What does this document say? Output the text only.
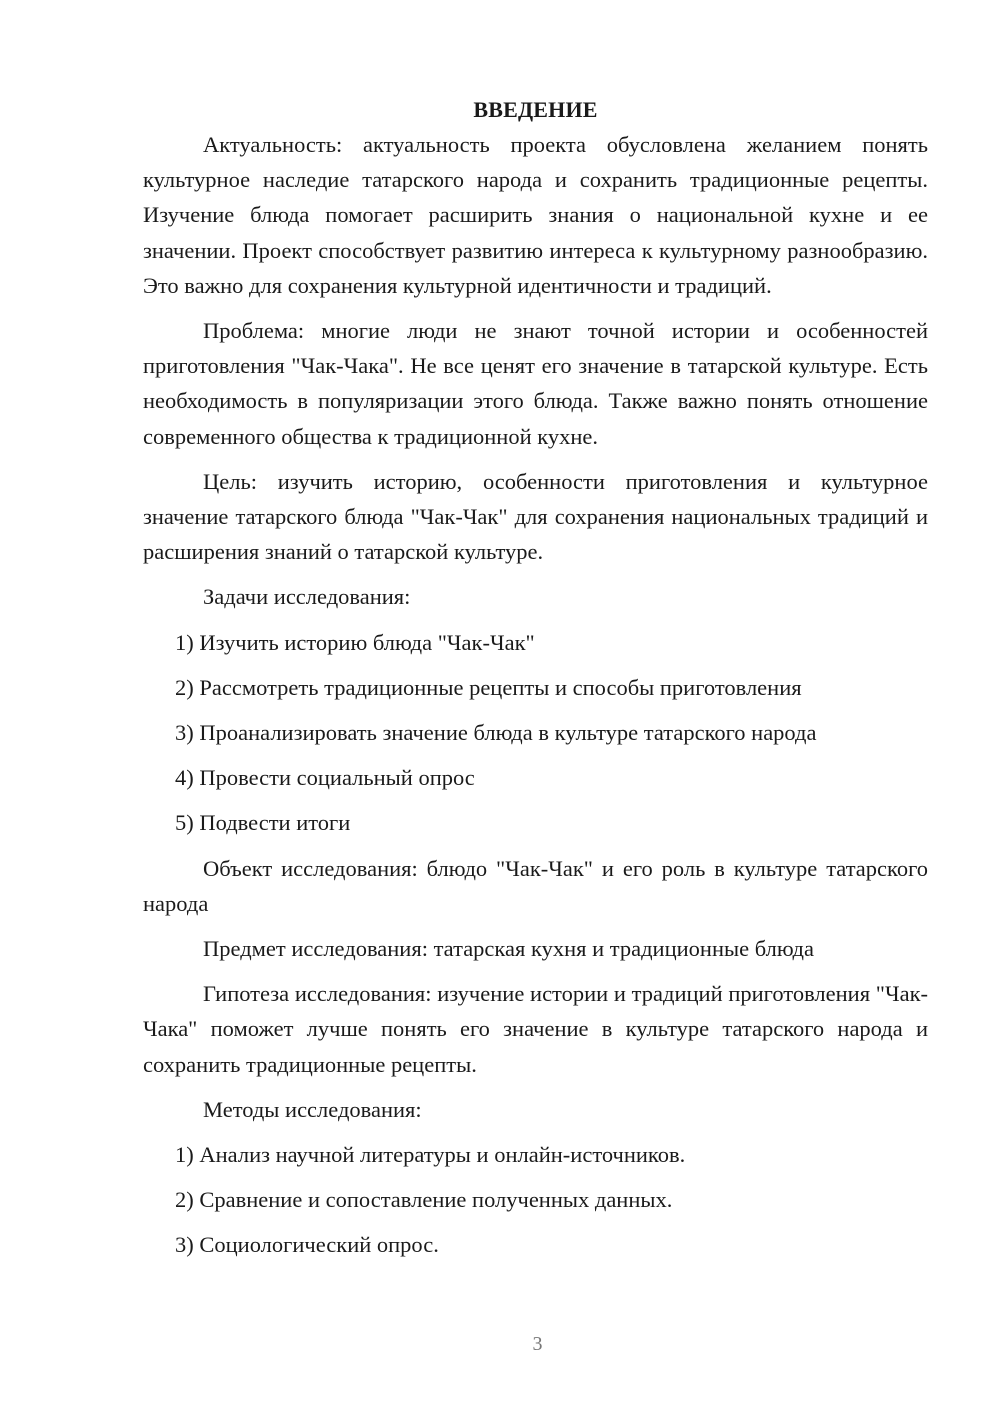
ВВЕДЕНИЕ

Актуальность: актуальность проекта обусловлена желанием понять культурное наследие татарского народа и сохранить традиционные рецепты. Изучение блюда помогает расширить знания о национальной кухне и ее значении. Проект способствует развитию интереса к культурному разнообразию. Это важно для сохранения культурной идентичности и традиций.

Проблема: многие люди не знают точной истории и особенностей приготовления "Чак-Чака". Не все ценят его значение в татарской культуре. Есть необходимость в популяризации этого блюда. Также важно понять отношение современного общества к традиционной кухне.

Цель: изучить историю, особенности приготовления и культурное значение татарского блюда "Чак-Чак" для сохранения национальных традиций и расширения знаний о татарской культуре.

Задачи исследования:

1) Изучить историю блюда "Чак-Чак"
2) Рассмотреть традиционные рецепты и способы приготовления
3) Проанализировать значение блюда в культуре татарского народа
4) Провести социальный опрос
5) Подвести итоги

Объект исследования: блюдо "Чак-Чак" и его роль в культуре татарского народа

Предмет исследования: татарская кухня и традиционные блюда

Гипотеза исследования: изучение истории и традиций приготовления "Чак-Чака" поможет лучше понять его значение в культуре татарского народа и сохранить традиционные рецепты.

Методы исследования:

1) Анализ научной литературы и онлайн-источников.
2) Сравнение и сопоставление полученных данных.
3) Социологический опрос.
3
